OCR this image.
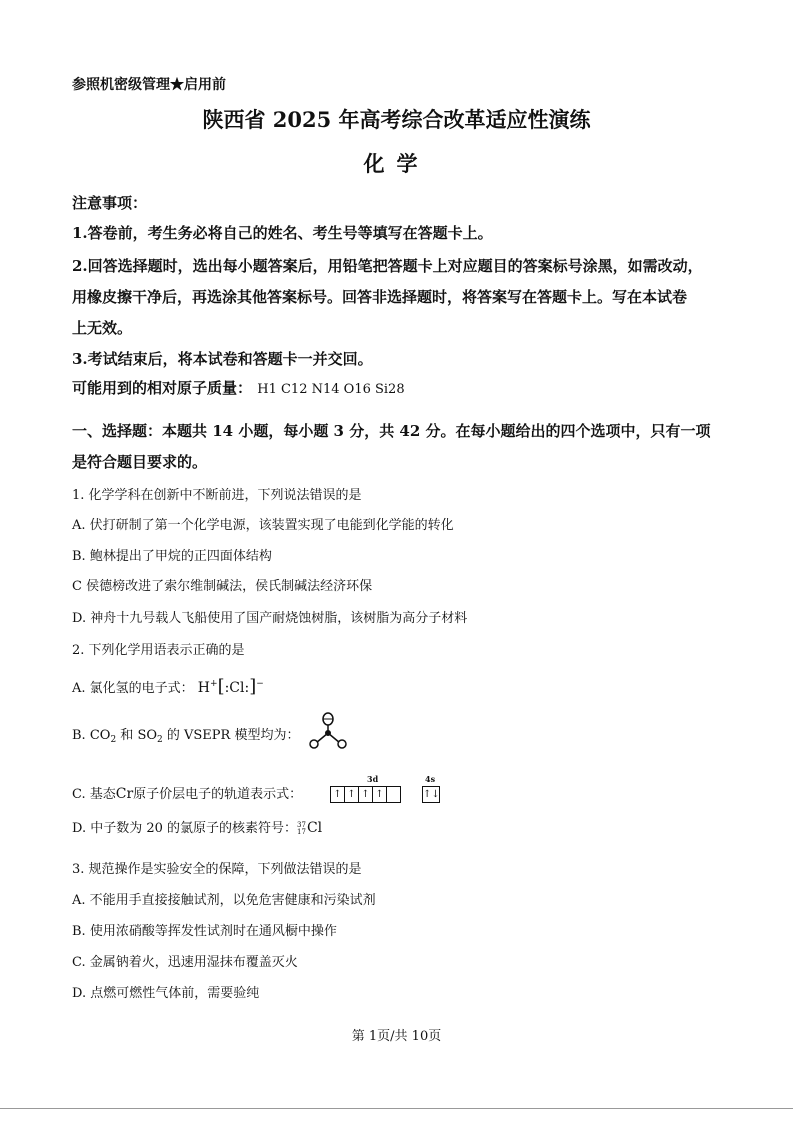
参照机密级管理★启用前
陕西省 2025 年高考综合改革适应性演练
化学
注意事项：
1.答卷前，考生务必将自己的姓名、考生号等填写在答题卡上。
2.回答选择题时，选出每小题答案后，用铅笔把答题卡上对应题目的答案标号涂黑，如需改动，
用橡皮擦干净后，再选涂其他答案标号。回答非选择题时，将答案写在答题卡上。写在本试卷
上无效。
3.考试结束后，将本试卷和答题卡一并交回。
可能用到的相对原子质量： H1 C12 N14 O16 Si28
一、选择题：本题共 14 小题，每小题 3 分，共 42 分。在每小题给出的四个选项中，只有一项
是符合题目要求的。
1. 化学学科在创新中不断前进，下列说法错误的是
A. 伏打研制了第一个化学电源，该装置实现了电能到化学能的转化
B. 鲍林提出了甲烷的正四面体结构
C 侯德榜改进了索尔维制碱法，侯氏制碱法经济环保
D. 神舟十九号载人飞船使用了国产耐烧蚀树脂，该树脂为高分子材料
2. 下列化学用语表示正确的是
A. 氯化氢的电子式： H+[:Cl:]−
B. $CO_2$ 和 $SO_2$ 的 VSEPR 模型均为：
C. 基态Cr原子价层电子的轨道表示式：
3d	4s
↑ ↑ ↑ ↑	↑↓
D. 中子数为 20 的氯原子的核素符号： 37
17 Cl
3. 规范操作是实验安全的保障，下列做法错误的是
A. 不能用手直接接触试剂，以免危害健康和污染试剂
B. 使用浓硝酸等挥发性试剂时在通风橱中操作
C. 金属钠着火，迅速用湿抹布覆盖灭火
D. 点燃可燃性气体前，需要验纯
第 1页/共 10页
